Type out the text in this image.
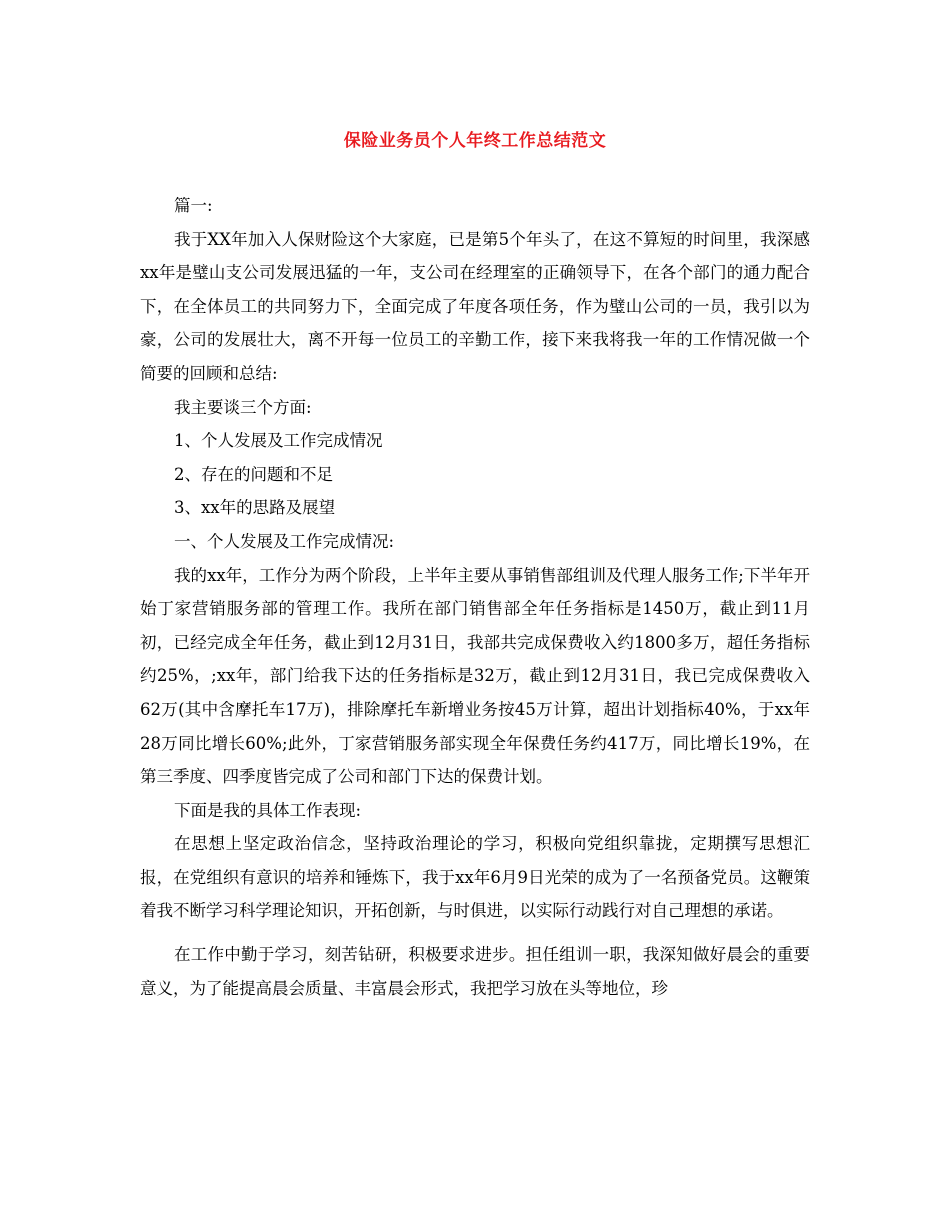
保险业务员个人年终工作总结范文

篇一:

我于XX年加入人保财险这个大家庭，已是第5个年头了，在这不算短的时间里，我深感xx年是璧山支公司发展迅猛的一年，支公司在经理室的正确领导下，在各个部门的通力配合下，在全体员工的共同努力下，全面完成了年度各项任务，作为璧山公司的一员，我引以为豪，公司的发展壮大，离不开每一位员工的辛勤工作，接下来我将我一年的工作情况做一个简要的回顾和总结:

我主要谈三个方面:

1、个人发展及工作完成情况

2、存在的问题和不足

3、xx年的思路及展望

一、个人发展及工作完成情况:

我的xx年，工作分为两个阶段，上半年主要从事销售部组训及代理人服务工作;下半年开始丁家营销服务部的管理工作。我所在部门销售部全年任务指标是1450万，截止到11月初，已经完成全年任务，截止到12月31日，我部共完成保费收入约1800多万，超任务指标约25%，;xx年，部门给我下达的任务指标是32万，截止到12月31日，我已完成保费收入62万(其中含摩托车17万)，排除摩托车新增业务按45万计算，超出计划指标40%，于xx年28万同比增长60%;此外，丁家营销服务部实现全年保费任务约417万，同比增长19%，在第三季度、四季度皆完成了公司和部门下达的保费计划。

下面是我的具体工作表现:

在思想上坚定政治信念，坚持政治理论的学习，积极向党组织靠拢，定期撰写思想汇报，在党组织有意识的培养和锤炼下，我于xx年6月9日光荣的成为了一名预备党员。这鞭策着我不断学习科学理论知识，开拓创新，与时俱进，以实际行动践行对自己理想的承诺。

在工作中勤于学习，刻苦钻研，积极要求进步。担任组训一职，我深知做好晨会的重要意义，为了能提高晨会质量、丰富晨会形式，我把学习放在头等地位，珍
